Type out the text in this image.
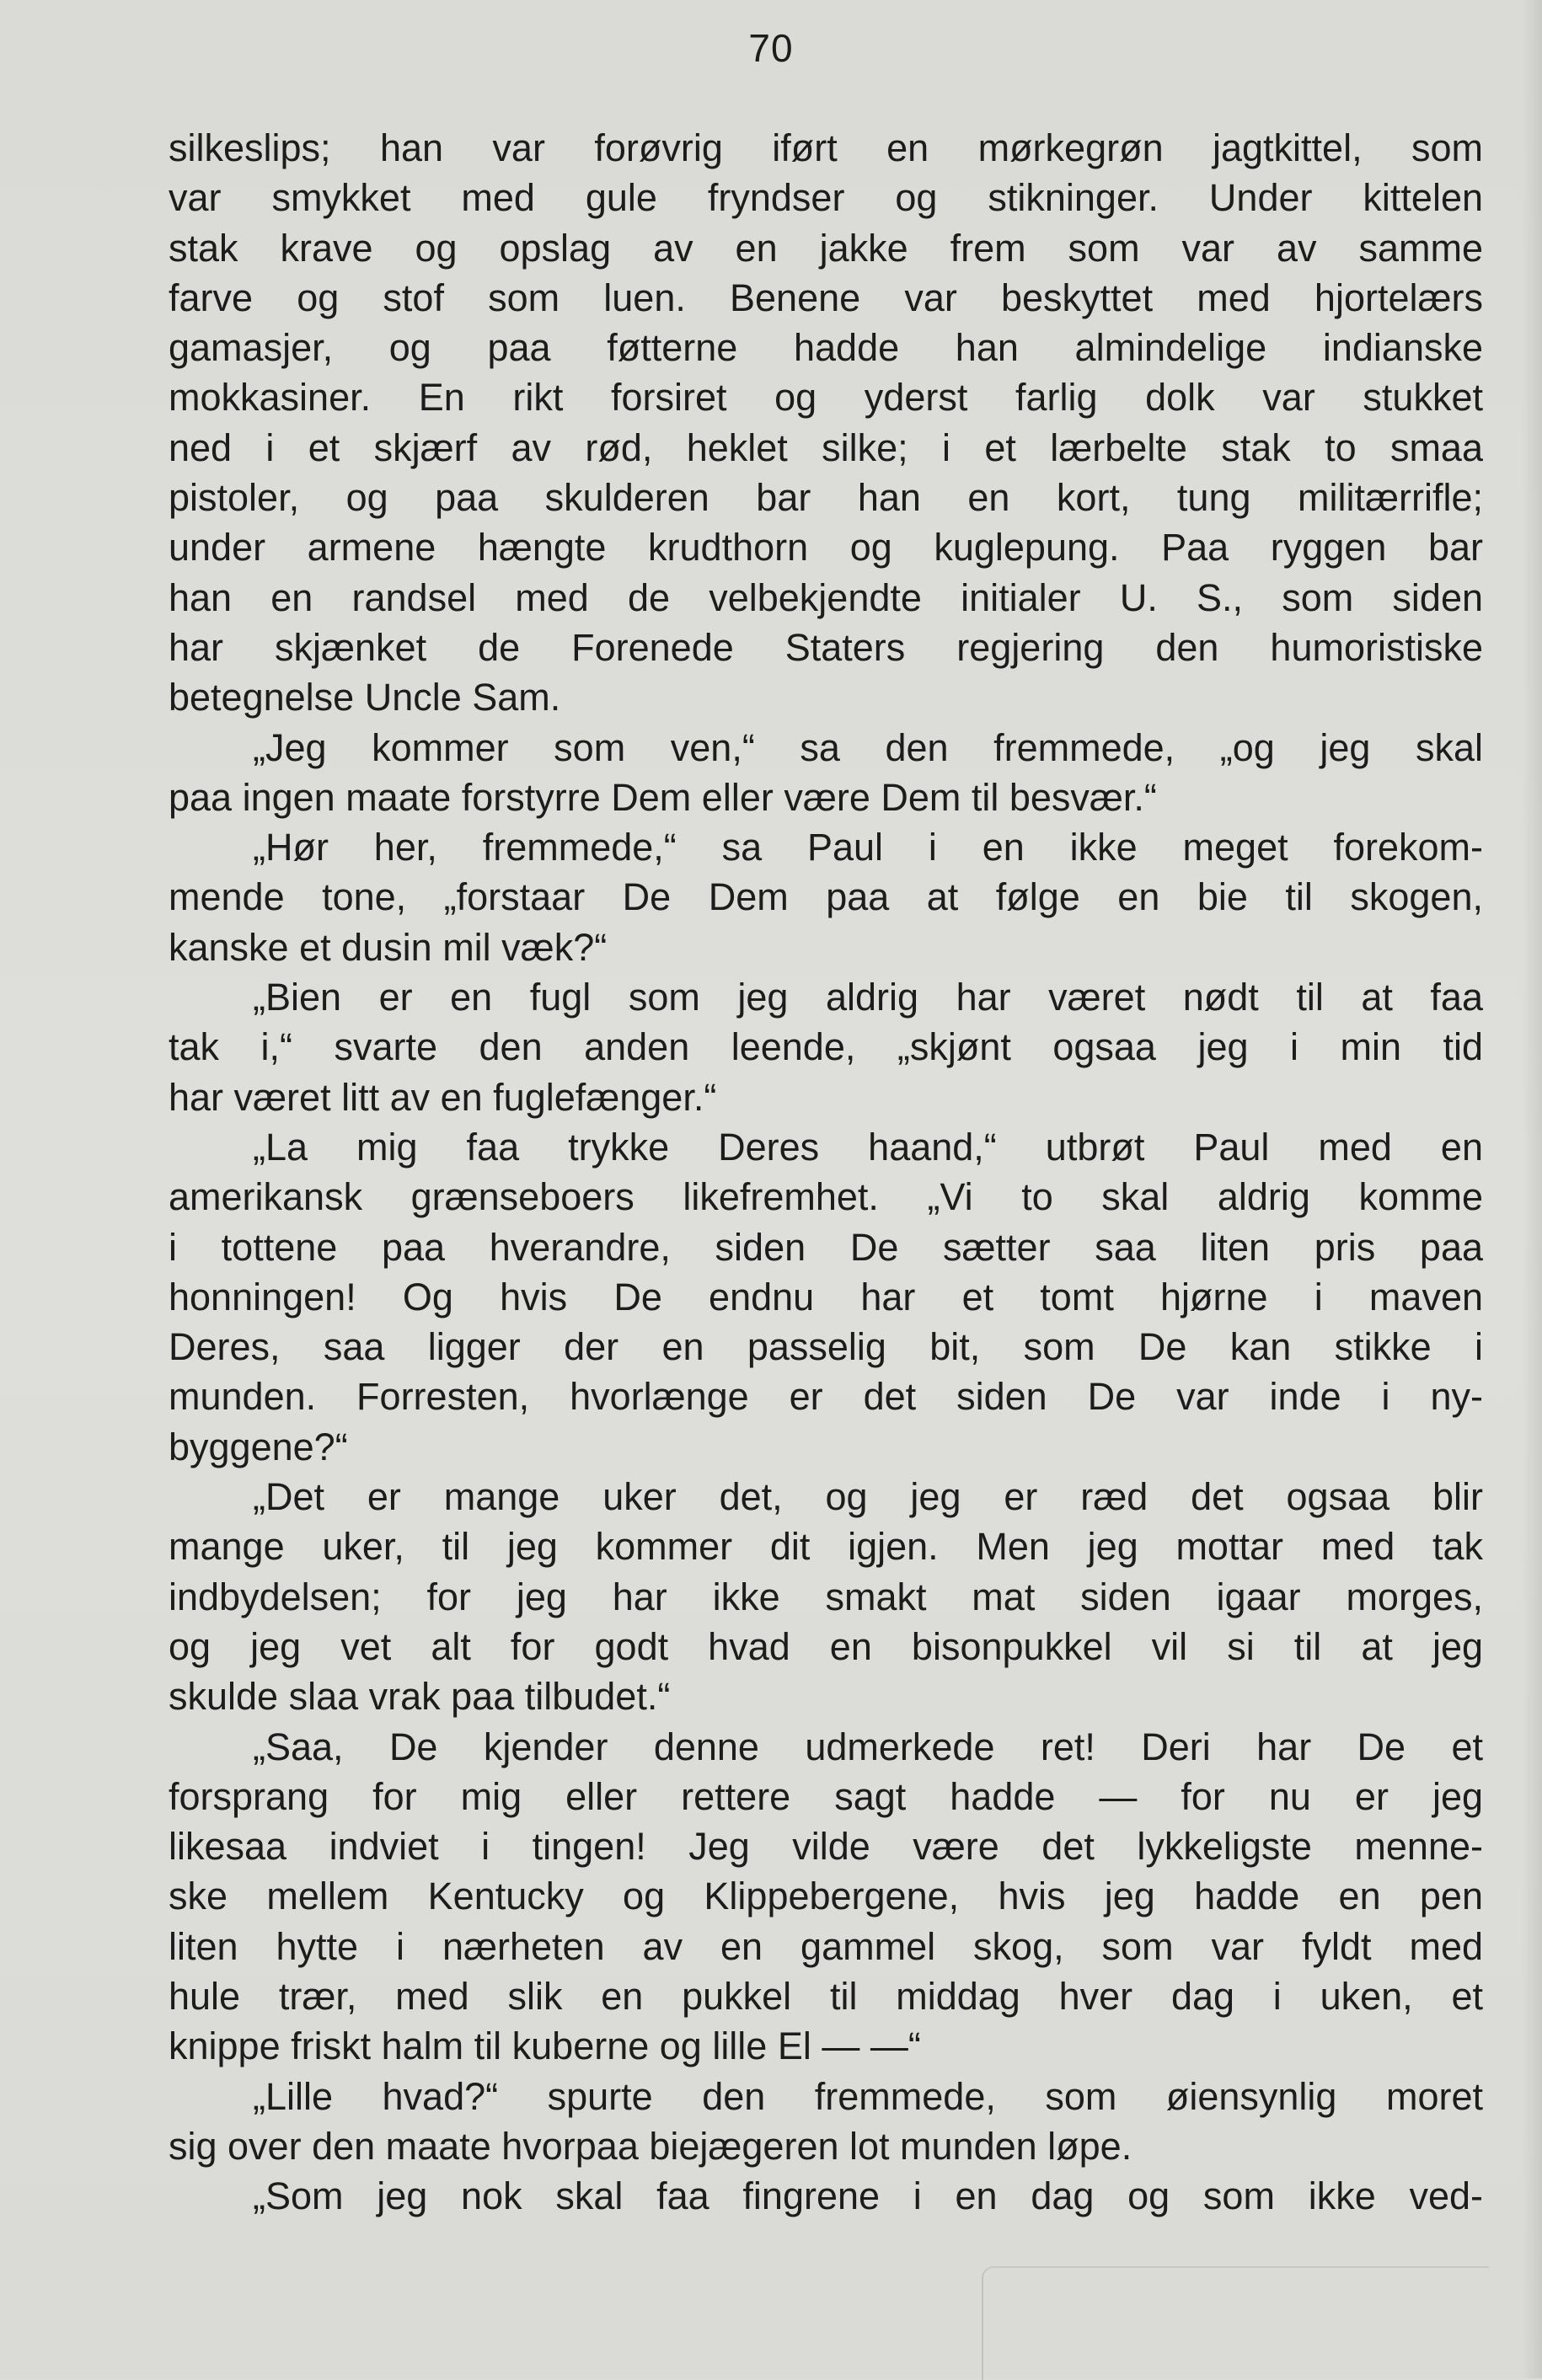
70
silkeslips; han var forøvrig iført en mørkegrøn jagtkittel, som
var smykket med gule fryndser og stikninger. Under kittelen
stak krave og opslag av en jakke frem som var av samme
farve og stof som luen. Benene var beskyttet med hjortelærs
gamasjer, og paa føtterne hadde han almindelige indianske
mokkasiner. En rikt forsiret og yderst farlig dolk var stukket
ned i et skjærf av rød, heklet silke; i et lærbelte stak to smaa
pistoler, og paa skulderen bar han en kort, tung militærrifle;
under armene hængte krudthorn og kuglepung. Paa ryggen bar
han en randsel med de velbekjendte initialer U. S., som siden
har skjænket de Forenede Staters regjering den humoristiske
betegnelse Uncle Sam.
„Jeg kommer som ven,“ sa den fremmede, „og jeg skal
paa ingen maate forstyrre Dem eller være Dem til besvær.“
„Hør her, fremmede,“ sa Paul i en ikke meget forekom-
mende tone, „forstaar De Dem paa at følge en bie til skogen,
kanske et dusin mil væk?“
„Bien er en fugl som jeg aldrig har været nødt til at faa
tak i,“ svarte den anden leende, „skjønt ogsaa jeg i min tid
har været litt av en fuglefænger.“
„La mig faa trykke Deres haand,“ utbrøt Paul med en
amerikansk grænseboers likefremhet. „Vi to skal aldrig komme
i tottene paa hverandre, siden De sætter saa liten pris paa
honningen! Og hvis De endnu har et tomt hjørne i maven
Deres, saa ligger der en passelig bit, som De kan stikke i
munden. Forresten, hvorlænge er det siden De var inde i ny-
byggene?“
„Det er mange uker det, og jeg er ræd det ogsaa blir
mange uker, til jeg kommer dit igjen. Men jeg mottar med tak
indbydelsen; for jeg har ikke smakt mat siden igaar morges,
og jeg vet alt for godt hvad en bisonpukkel vil si til at jeg
skulde slaa vrak paa tilbudet.“
„Saa, De kjender denne udmerkede ret! Deri har De et
forsprang for mig eller rettere sagt hadde — for nu er jeg
likesaa indviet i tingen! Jeg vilde være det lykkeligste menne-
ske mellem Kentucky og Klippebergene, hvis jeg hadde en pen
liten hytte i nærheten av en gammel skog, som var fyldt med
hule trær, med slik en pukkel til middag hver dag i uken, et
knippe friskt halm til kuberne og lille El — —“
„Lille hvad?“ spurte den fremmede, som øiensynlig moret
sig over den maate hvorpaa biejægeren lot munden løpe.
„Som jeg nok skal faa fingrene i en dag og som ikke ved-
